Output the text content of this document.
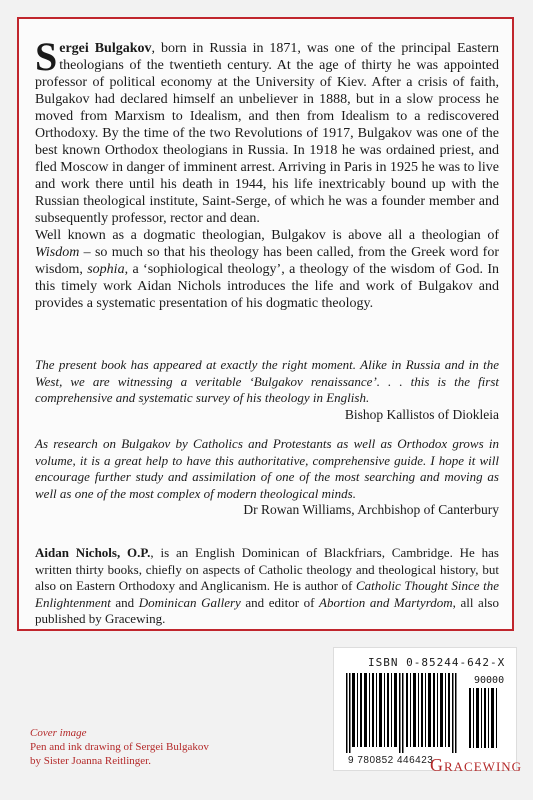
Sergei Bulgakov, born in Russia in 1871, was one of the principal Eastern theologians of the twentieth century. At the age of thirty he was appointed professor of political economy at the University of Kiev. After a crisis of faith, Bulgakov had declared himself an unbeliever in 1888, but in a slow process he moved from Marxism to Idealism, and then from Idealism to a rediscovered Orthodoxy. By the time of the two Revolutions of 1917, Bulgakov was one of the best known Orthodox theologians in Russia. In 1918 he was ordained priest, and fled Moscow in danger of imminent arrest. Arriving in Paris in 1925 he was to live and work there until his death in 1944, his life inextricably bound up with the Russian theological institute, Saint-Serge, of which he was a founder member and subsequently professor, rector and dean.

Well known as a dogmatic theologian, Bulgakov is above all a theologian of Wisdom – so much so that his theology has been called, from the Greek word for wisdom, sophia, a ‘sophiological theology’, a theology of the wisdom of God. In this timely work Aidan Nichols introduces the life and work of Bulgakov and provides a systematic presentation of his dogmatic theology.

The present book has appeared at exactly the right moment. Alike in Russia and in the West, we are witnessing a veritable ‘Bulgakov renaissance’. . . this is the first comprehensive and systematic survey of his theology in English.
Bishop Kallistos of Diokleia
As research on Bulgakov by Catholics and Protestants as well as Orthodox grows in volume, it is a great help to have this authoritative, comprehensive guide. I hope it will encourage further study and assimilation of one of the most searching and moving as well as one of the most complex of modern theological minds.
Dr Rowan Williams, Archbishop of Canterbury
Aidan Nichols, O.P., is an English Dominican of Blackfriars, Cambridge. He has written thirty books, chiefly on aspects of Catholic theology and theological history, but also on Eastern Orthodoxy and Anglicanism. He is author of Catholic Thought Since the Enlightenment and Dominican Gallery and editor of Abortion and Martyrdom, all also published by Gracewing.
ISBN 0-85244-642-X
90000
9 780852 446423
Cover image
Pen and ink drawing of Sergei Bulgakov
by Sister Joanna Reitlinger.	Gracewing
